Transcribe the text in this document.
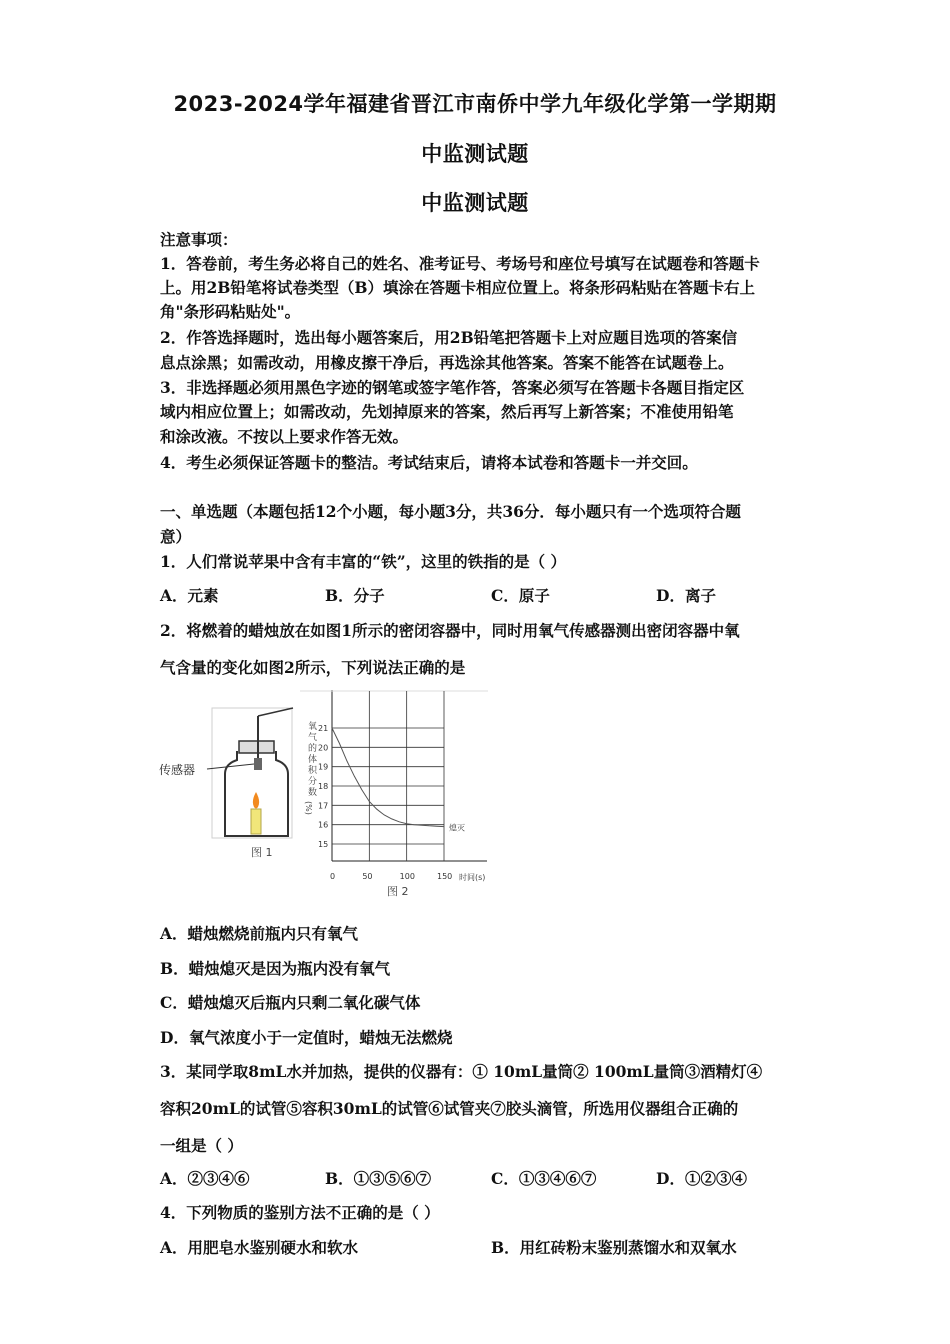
2023-2024学年福建省晋江市南侨中学九年级化学第一学期期
中监测试题
中监测试题
注意事项：
1．答卷前，考生务必将自己的姓名、准考证号、考场号和座位号填写在试题卷和答题卡
上。用2B铅笔将试卷类型（B）填涂在答题卡相应位置上。将条形码粘贴在答题卡右上
角"条形码粘贴处"。
2．作答选择题时，选出每小题答案后，用2B铅笔把答题卡上对应题目选项的答案信
息点涂黑；如需改动，用橡皮擦干净后，再选涂其他答案。答案不能答在试题卷上。
3．非选择题必须用黑色字迹的钢笔或签字笔作答，答案必须写在答题卡各题目指定区
域内相应位置上；如需改动，先划掉原来的答案，然后再写上新答案；不准使用铅笔
和涂改液。不按以上要求作答无效。
4．考生必须保证答题卡的整洁。考试结束后，请将本试卷和答题卡一并交回。
一、单选题（本题包括12个小题，每小题3分，共36分．每小题只有一个选项符合题
意）
1．人们常说苹果中含有丰富的“铁”，这里的铁指的是（ ）
A．元素	B．分子	C．原子	D．离子
2．将燃着的蜡烛放在如图1所示的密闭容器中，同时用氧气传感器测出密闭容器中氧
气含量的变化如图2所示，下列说法正确的是
传感器
图 1
氧
气
的
体
积
分
数
(%)
时间(s)
图 2
15
16
17
18
19
20
21
0	50	100	150
熄灭
A．蜡烛燃烧前瓶内只有氧气
B．蜡烛熄灭是因为瓶内没有氧气
C．蜡烛熄灭后瓶内只剩二氧化碳气体
D．氧气浓度小于一定值时，蜡烛无法燃烧
3．某同学取8mL水并加热，提供的仪器有：① 10mL量筒② 100mL量筒③酒精灯④
容积20mL的试管⑤容积30mL的试管⑥试管夹⑦胶头滴管，所选用仪器组合正确的
一组是（ ）
A．②③④⑥	B．①③⑤⑥⑦	C．①③④⑥⑦	D．①②③④
4．下列物质的鉴别方法不正确的是（ ）
A．用肥皂水鉴别硬水和软水	B．用红砖粉末鉴别蒸馏水和双氧水
